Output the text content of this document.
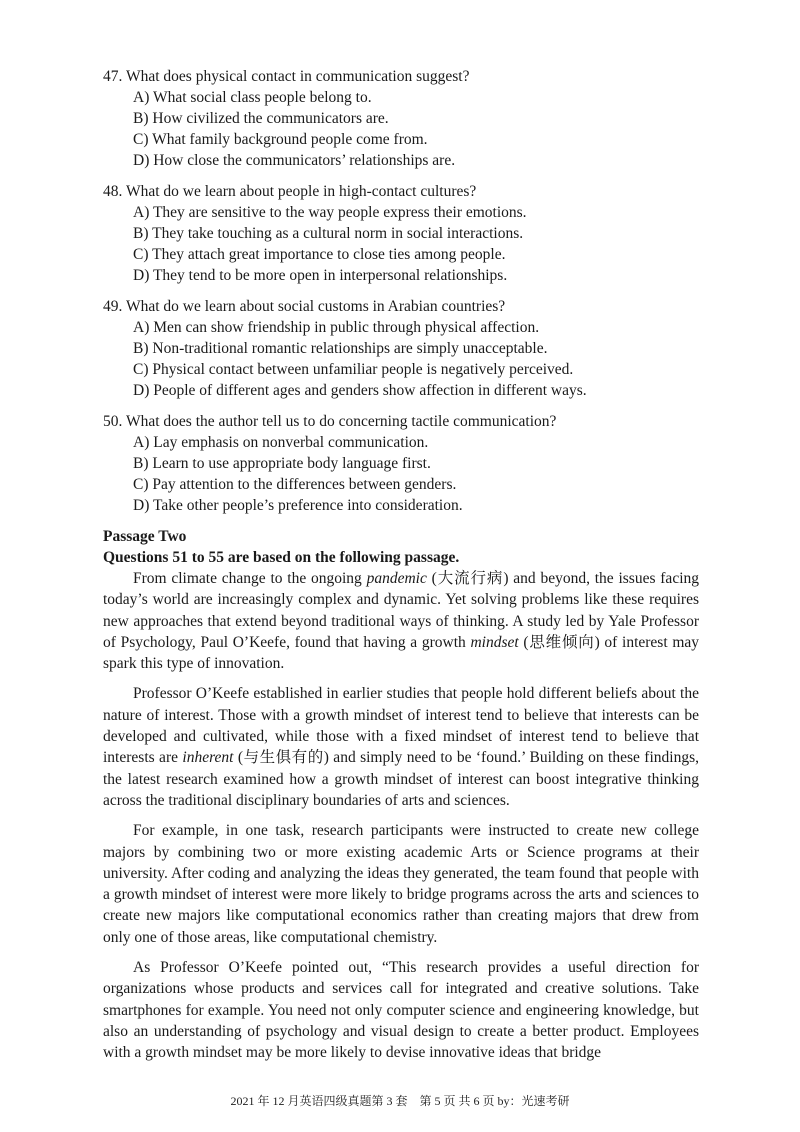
47. What does physical contact in communication suggest?
A) What social class people belong to.
B) How civilized the communicators are.
C) What family background people come from.
D) How close the communicators’ relationships are.
48. What do we learn about people in high-contact cultures?
A) They are sensitive to the way people express their emotions.
B) They take touching as a cultural norm in social interactions.
C) They attach great importance to close ties among people.
D) They tend to be more open in interpersonal relationships.
49. What do we learn about social customs in Arabian countries?
A) Men can show friendship in public through physical affection.
B) Non-traditional romantic relationships are simply unacceptable.
C) Physical contact between unfamiliar people is negatively perceived.
D) People of different ages and genders show affection in different ways.
50. What does the author tell us to do concerning tactile communication?
A) Lay emphasis on nonverbal communication.
B) Learn to use appropriate body language first.
C) Pay attention to the differences between genders.
D) Take other people’s preference into consideration.
Passage Two
Questions 51 to 55 are based on the following passage.

From climate change to the ongoing pandemic (大流行病) and beyond, the issues facing today’s world are increasingly complex and dynamic. Yet solving problems like these requires new approaches that extend beyond traditional ways of thinking. A study led by Yale Professor of Psychology, Paul O’Keefe, found that having a growth mindset (思维倾向) of interest may spark this type of innovation.

Professor O’Keefe established in earlier studies that people hold different beliefs about the nature of interest. Those with a growth mindset of interest tend to believe that interests can be developed and cultivated, while those with a fixed mindset of interest tend to believe that interests are inherent (与生俱有的) and simply need to be ‘found.’ Building on these findings, the latest research examined how a growth mindset of interest can boost integrative thinking across the traditional disciplinary boundaries of arts and sciences.

For example, in one task, research participants were instructed to create new college majors by combining two or more existing academic Arts or Science programs at their university. After coding and analyzing the ideas they generated, the team found that people with a growth mindset of interest were more likely to bridge programs across the arts and sciences to create new majors like computational economics rather than creating majors that drew from only one of those areas, like computational chemistry.

As Professor O’Keefe pointed out, “This research provides a useful direction for organizations whose products and services call for integrated and creative solutions. Take smartphones for example. You need not only computer science and engineering knowledge, but also an understanding of psychology and visual design to create a better product. Employees with a growth mindset may be more likely to devise innovative ideas that bridge

2021 年 12 月英语四级真题第 3 套　第 5 页 共 6 页 by：光速考研
